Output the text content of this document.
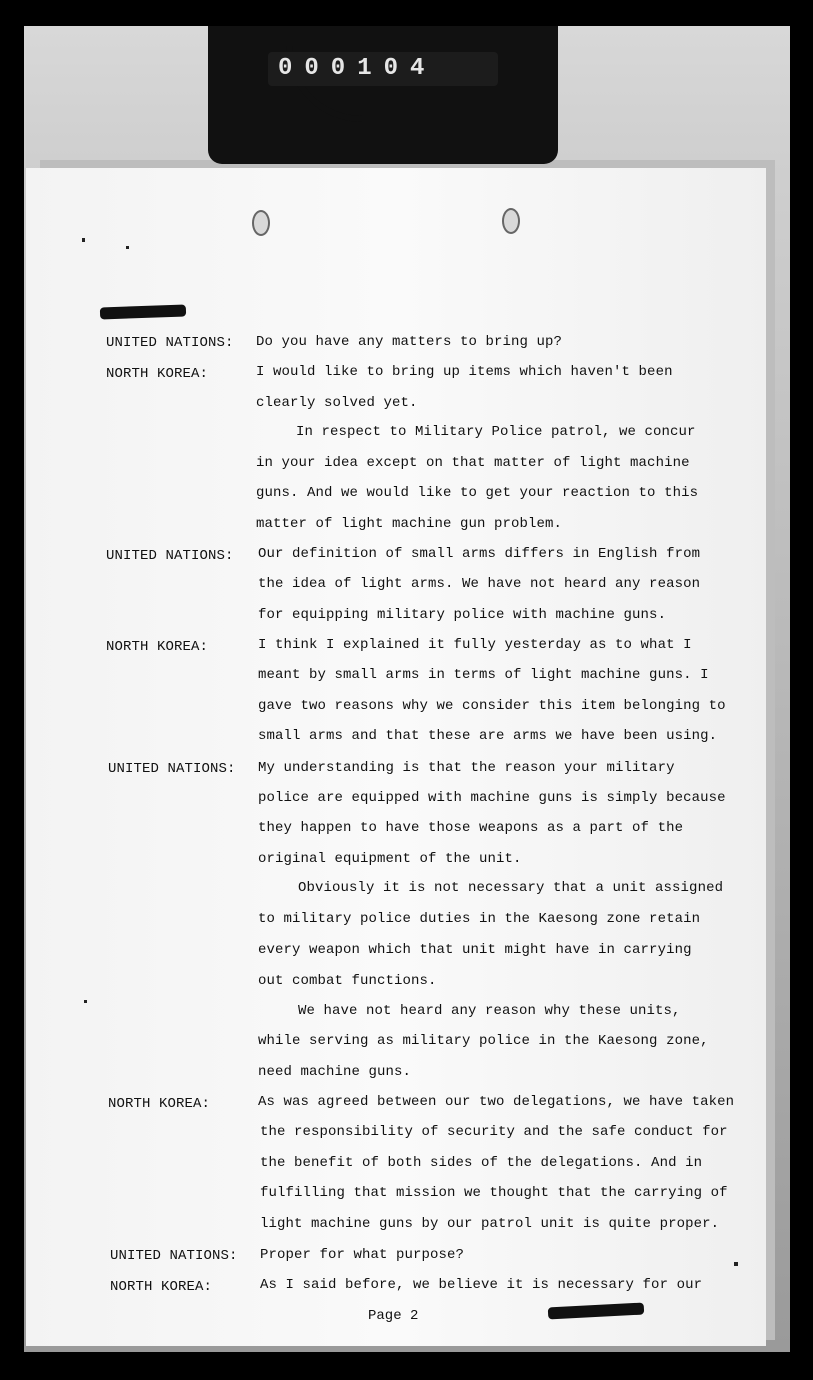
000104
UNITED NATIONS:
NORTH KOREA:
UNITED NATIONS:
NORTH KOREA:
UNITED NATIONS:
NORTH KOREA:
UNITED NATIONS:
NORTH KOREA:
Do you have any matters to bring up?
I would like to bring up items which haven't been
clearly solved yet.
In respect to Military Police patrol, we concur
in your idea except on that matter of light machine
guns. And we would like to get your reaction to this
matter of light machine gun problem.
Our definition of small arms differs in English from
the idea of light arms. We have not heard any reason
for equipping military police with machine guns.
I think I explained it fully yesterday as to what I
meant by small arms in terms of light machine guns. I
gave two reasons why we consider this item belonging to
small arms and that these are arms we have been using.
My understanding is that the reason your military
police are equipped with machine guns is simply because
they happen to have those weapons as a part of the
original equipment of the unit.
Obviously it is not necessary that a unit assigned
to military police duties in the Kaesong zone retain
every weapon which that unit might have in carrying
out combat functions.
We have not heard any reason why these units,
while serving as military police in the Kaesong zone,
need machine guns.
As was agreed between our two delegations, we have taken
the responsibility of security and the safe conduct for
the benefit of both sides of the delegations. And in
fulfilling that mission we thought that the carrying of
light machine guns by our patrol unit is quite proper.
Proper for what purpose?
As I said before, we believe it is necessary for our
Page 2
